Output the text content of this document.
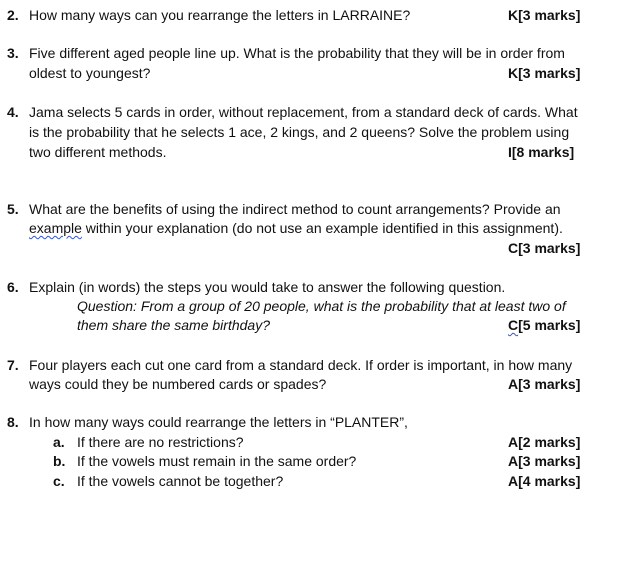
2. How many ways can you rearrange the letters in LARRAINE?	K[3 marks]
3. Five different aged people line up. What is the probability that they will be in order from
oldest to youngest?	K[3 marks]
4. Jama selects 5 cards in order, without replacement, from a standard deck of cards. What
is the probability that he selects 1 ace, 2 kings, and 2 queens? Solve the problem using
two different methods.	I[8 marks]
5. What are the benefits of using the indirect method to count arrangements? Provide an
example within your explanation (do not use an example identified in this assignment).
C[3 marks]
6. Explain (in words) the steps you would take to answer the following question.
Question: From a group of 20 people, what is the probability that at least two of
them share the same birthday?	C[5 marks]
7. Four players each cut one card from a standard deck. If order is important, in how many
ways could they be numbered cards or spades?	A[3 marks]
8. In how many ways could rearrange the letters in “PLANTER”,
a. If there are no restrictions?	A[2 marks]
b. If the vowels must remain in the same order?	A[3 marks]
c. If the vowels cannot be together?	A[4 marks]
